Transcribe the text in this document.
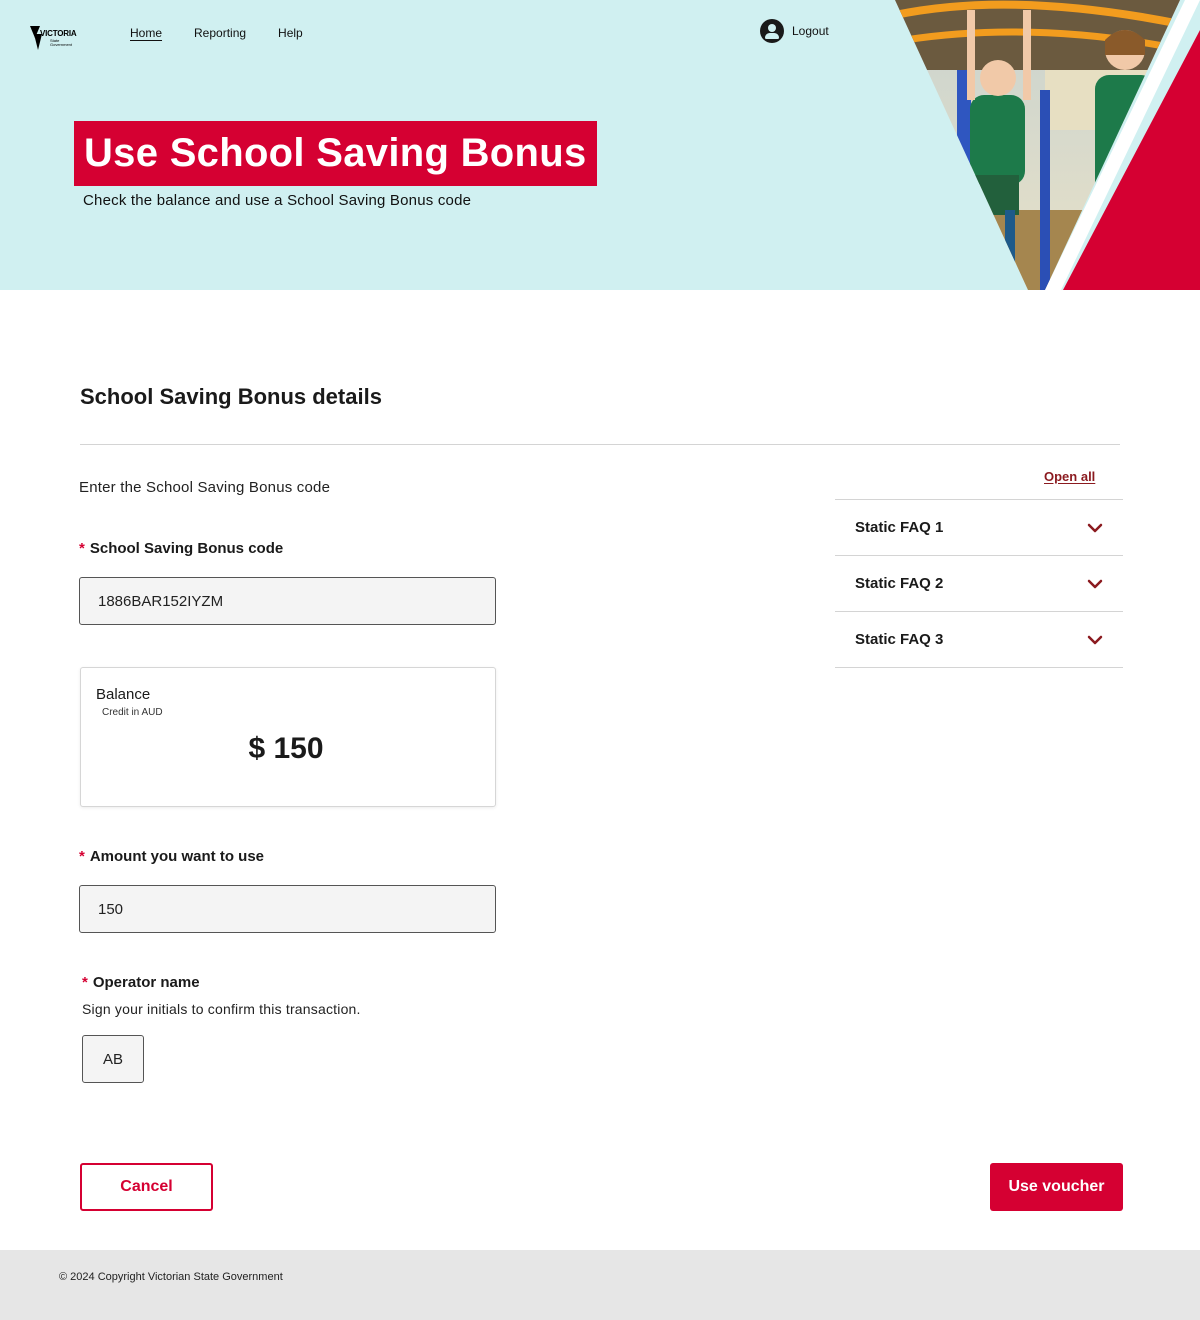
VICTORIA
State Government
Home	Reporting	Help	Logout
Use School Saving Bonus
Check the balance and use a School Saving Bonus code
School Saving Bonus details

Enter the School Saving Bonus code

* School Saving Bonus code
1886BAR152IYZM
Balance
Credit in AUD
$ 150
* Amount you want to use
150
* Operator name

Sign your initials to confirm this transaction.

AB
Cancel	Use voucher
Open all
Static FAQ 1
Static FAQ 2
Static FAQ 3
© 2024 Copyright Victorian State Government
